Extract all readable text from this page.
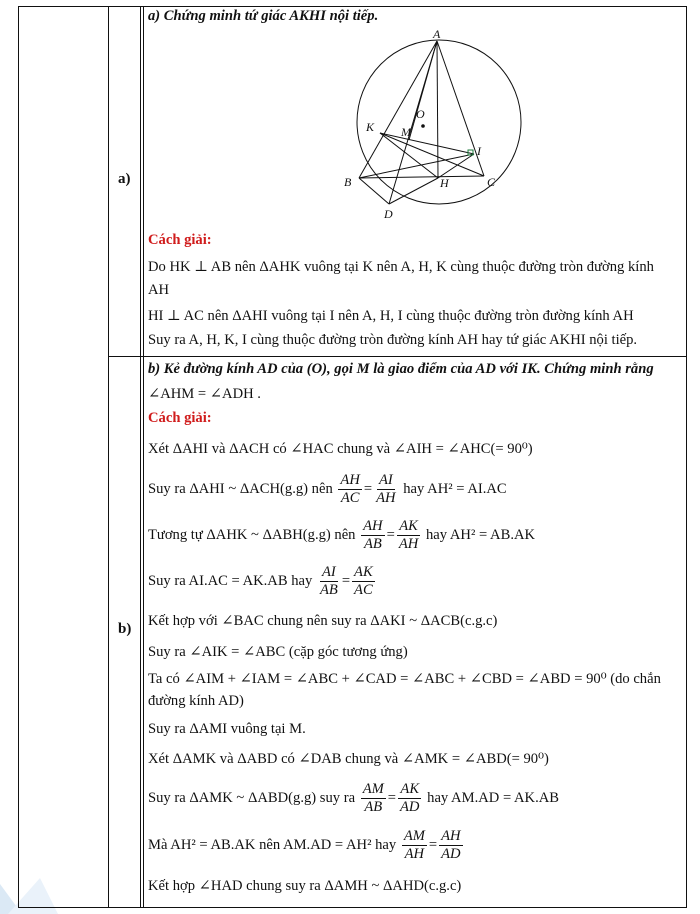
a)
b)
a) Chứng minh tứ giác AKHI nội tiếp.
A
O
K M
I
B	H	C
D
Cách giải:
Do HK ⊥ AB nên ΔAHK vuông tại K nên A, H, K cùng thuộc đường tròn đường kính
AH
HI ⊥ AC nên ΔAHI vuông tại I nên A, H, I cùng thuộc đường tròn đường kính AH
Suy ra A, H, K, I cùng thuộc đường tròn đường kính AH hay tứ giác AKHI nội tiếp.
b) Kẻ đường kính AD của (O), gọi M là giao điểm của AD với IK. Chứng minh rằng
∠AHM = ∠ADH .
Cách giải:
Xét ΔAHI và ΔACH có ∠HAC chung và ∠AIH = ∠AHC(= 90⁰)
Suy ra ΔAHI ~ ΔACH(g.g) nên $\frac{AH}{AC} = \frac{AI}{AH}$ hay AH² = AI.AC
Tương tự ΔAHK ~ ΔABH(g.g) nên $\frac{AH}{AB} = \frac{AK}{AH}$ hay AH² = AB.AK
Suy ra AI.AC = AK.AB hay $\frac{AI}{AB} = \frac{AK}{AC}$
Kết hợp với ∠BAC chung nên suy ra ΔAKI ~ ΔACB(c.g.c)
Suy ra ∠AIK = ∠ABC (cặp góc tương ứng)
Ta có ∠AIM + ∠IAM = ∠ABC + ∠CAD = ∠ABC + ∠CBD = ∠ABD = 90⁰ (do chắn đường kính AD)
Suy ra ΔAMI vuông tại M.
Xét ΔAMK và ΔABD có ∠DAB chung và ∠AMK = ∠ABD(= 90⁰)
Suy ra ΔAMK ~ ΔABD(g.g) suy ra $\frac{AM}{AB} = \frac{AK}{AD}$ hay AM.AD = AK.AB
Mà AH² = AB.AK nên AM.AD = AH² hay $\frac{AM}{AH} = \frac{AH}{AD}$
Kết hợp ∠HAD chung suy ra ΔAMH ~ ΔAHD(c.g.c)
